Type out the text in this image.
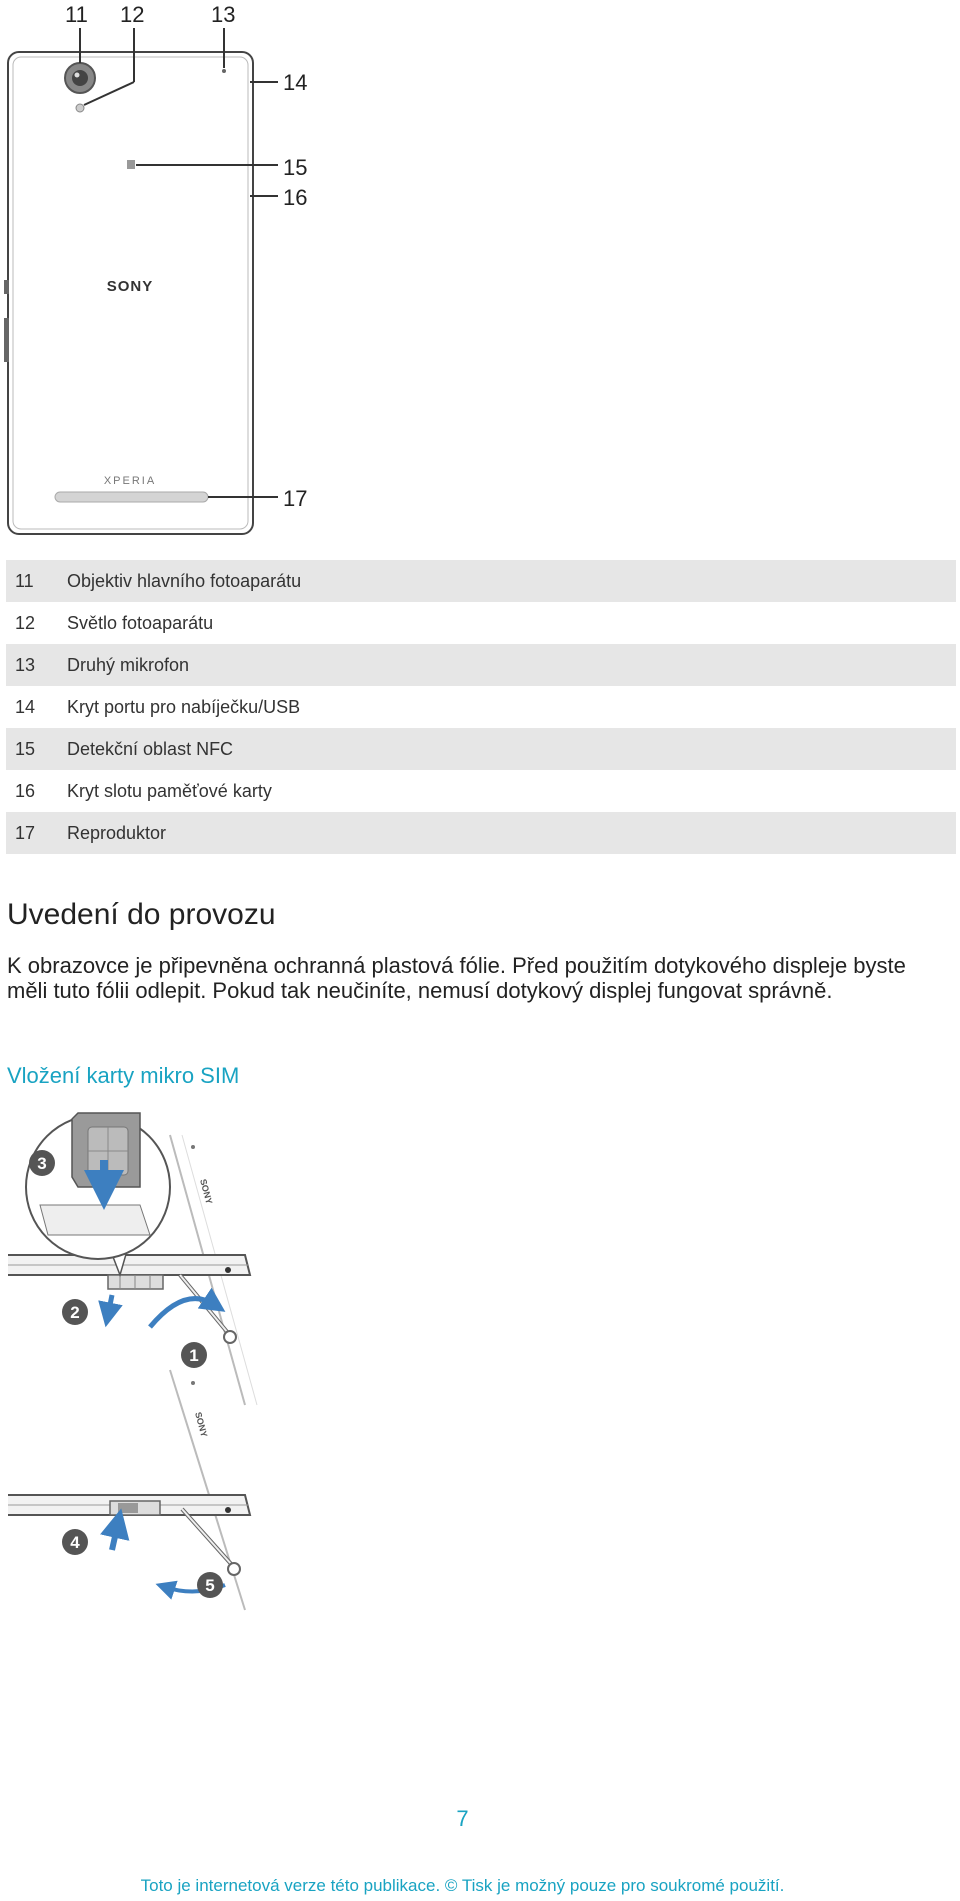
SONY
XPERIA
11 12	13
14
15
16
17
11	Objektiv hlavního fotoaparátu
12	Světlo fotoaparátu
13	Druhý mikrofon
14	Kryt portu pro nabíječku/USB
15	Detekční oblast NFC
16	Kryt slotu paměťové karty
17	Reproduktor
Uvedení do provozu

K obrazovce je připevněna ochranná plastová fólie. Před použitím dotykového displeje byste měli tuto fólii odlepit. Pokud tak neučiníte, nemusí dotykový displej fungovat správně.

Vložení karty mikro SIM
SONY
SONY
3
2
1
4
5
7
Toto je internetová verze této publikace. © Tisk je možný pouze pro soukromé použití.
